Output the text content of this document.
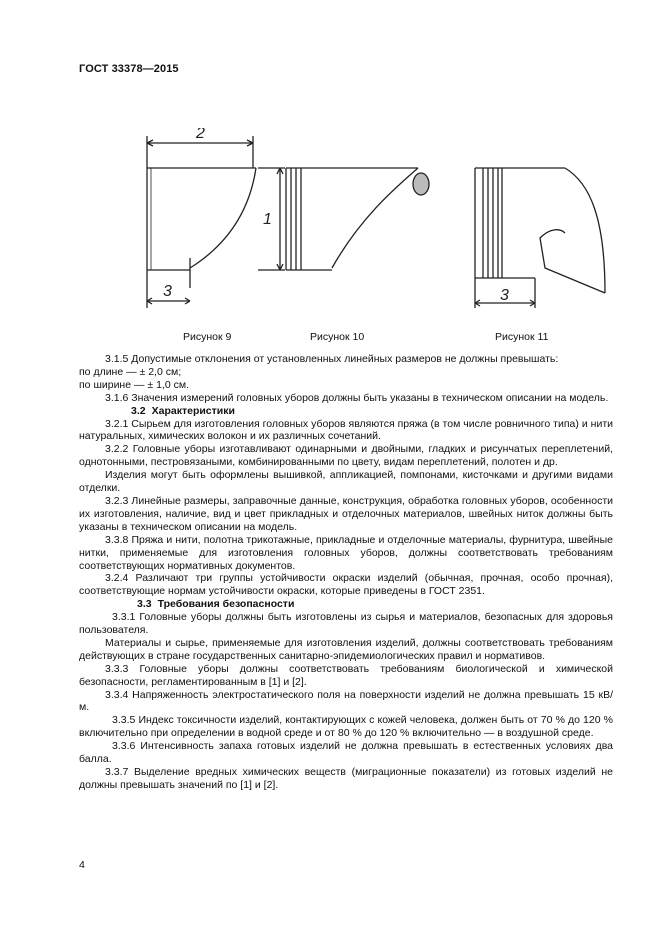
ГОСТ 33378—2015
2
1
3	3
Рисунок 9	Рисунок 10	Рисунок 11

3.1.5 Допустимые отклонения от установленных линейных размеров не должны превышать:

по длине — ± 2,0 см;

по ширине — ± 1,0 см.

3.1.6 Значения измерений головных уборов должны быть указаны в техническом описании на модель.

3.2 Характеристики

3.2.1 Сырьем для изготовления головных уборов являются пряжа (в том числе ровничного типа) и нити натуральных, химических волокон и их различных сочетаний.

3.2.2 Головные уборы изготавливают одинарными и двойными, гладких и рисунчатых переплетений, однотонными, пестровязаными, комбинированными по цвету, видам переплетений, полотен и др.

Изделия могут быть оформлены вышивкой, аппликацией, помпонами, кисточками и другими видами отделки.

3.2.3 Линейные размеры, заправочные данные, конструкция, обработка головных уборов, особенности их изготовления, наличие, вид и цвет прикладных и отделочных материалов, швейных ниток должны быть указаны в техническом описании на модель.

3.3.8 Пряжа и нити, полотна трикотажные, прикладные и отделочные материалы, фурнитура, швейные нитки, применяемые для изготовления головных уборов, должны соответствовать требованиям соответствующих нормативных документов.

3.2.4 Различают три группы устойчивости окраски изделий (обычная, прочная, особо прочная), соответствующие нормам устойчивости окраски, которые приведены в ГОСТ 2351.

3.3 Требования безопасности

3.3.1 Головные уборы должны быть изготовлены из сырья и материалов, безопасных для здоровья пользователя.

Материалы и сырье, применяемые для изготовления изделий, должны соответствовать требованиям действующих в стране государственных санитарно-эпидемиологических правил и нормативов.

3.3.3 Головные уборы должны соответствовать требованиям биологической и химической безопасности, регламентированным в [1] и [2].

3.3.4 Напряженность электростатического поля на поверхности изделий не должна превышать 15 кВ/м.

3.3.5 Индекс токсичности изделий, контактирующих с кожей человека, должен быть от 70 % до 120 % включительно при определении в водной среде и от 80 % до 120 % включительно — в воздушной среде.

3.3.6 Интенсивность запаха готовых изделий не должна превышать в естественных условиях два балла.

3.3.7 Выделение вредных химических веществ (миграционные показатели) из готовых изделий не должны превышать значений по [1] и [2].

4
